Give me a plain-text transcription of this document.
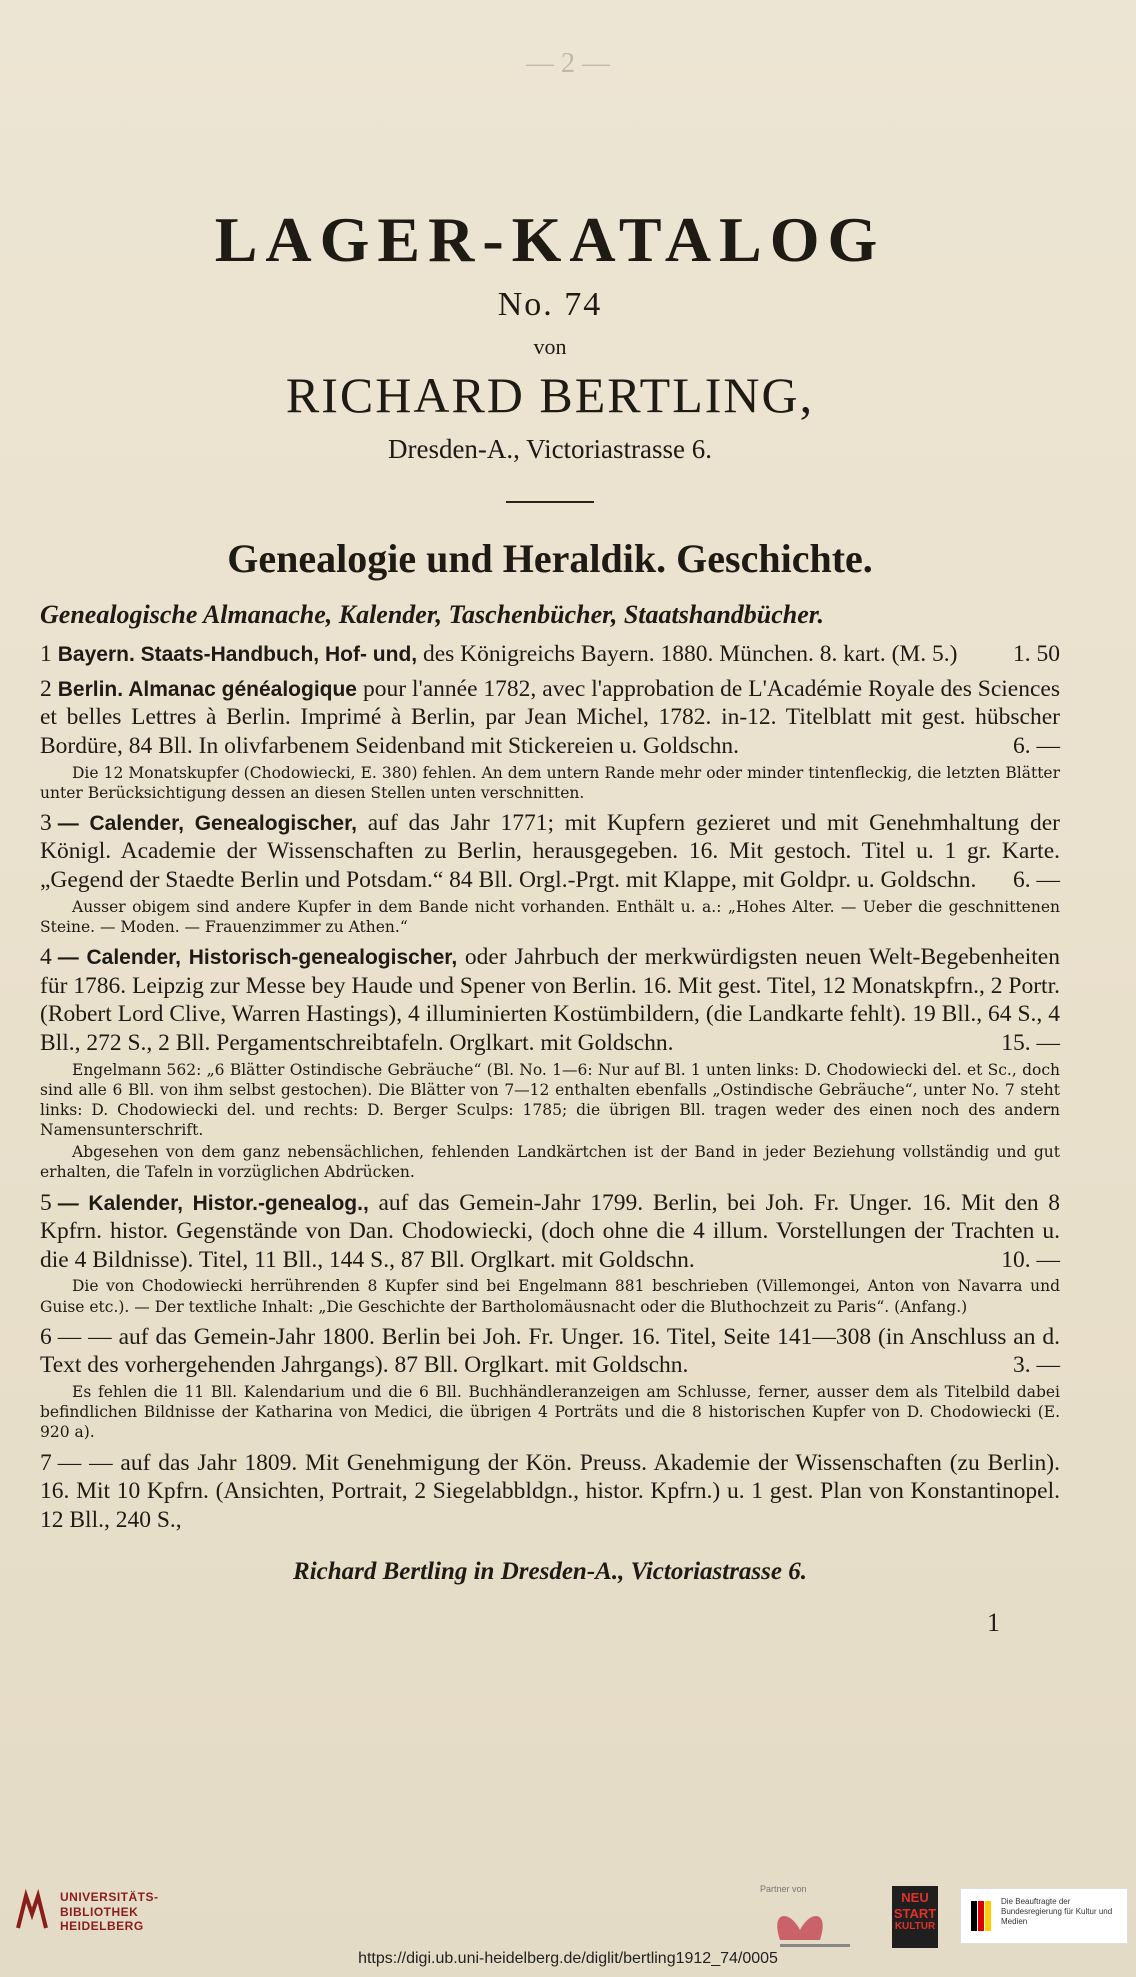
— 2 —

LAGER-KATALOG
No. 74
von
RICHARD BERTLING,
Dresden-A., Victoriastrasse 6.
Genealogie und Heraldik. Geschichte.
Genealogische Almanache, Kalender, Taschenbücher, Staatshandbücher.
1 Bayern. Staats-Handbuch, Hof- und, des Königreichs Bayern. 1880. München. 8. kart. (M. 5.) 1. 50
2 Berlin. Almanac généalogique pour l'année 1782, avec l'approbation de L'Académie Royale des Sciences et belles Lettres à Berlin. Imprimé à Berlin, par Jean Michel, 1782. in-12. Titelblatt mit gest. hübscher Bordüre, 84 Bll. In olivfarbenem Seidenband mit Stickereien u. Goldschn.	6. —
Die 12 Monatskupfer (Chodowiecki, E. 380) fehlen. An dem untern Rande mehr oder minder tintenfleckig, die letzten Blätter unter Berücksichtigung dessen an diesen Stellen unten verschnitten.
3 — Calender, Genealogischer, auf das Jahr 1771; mit Kupfern gezieret und mit Genehmhaltung der Königl. Academie der Wissenschaften zu Berlin, herausgegeben. 16. Mit gestoch. Titel u. 1 gr. Karte. „Gegend der Staedte Berlin und Potsdam.“ 84 Bll. Orgl.-Prgt. mit Klappe, mit Goldpr. u. Goldschn. 6. —
Ausser obigem sind andere Kupfer in dem Bande nicht vorhanden. Enthält u. a.: „Hohes Alter. — Ueber die geschnittenen Steine. — Moden. — Frauenzimmer zu Athen.“
4 — Calender, Historisch-genealogischer, oder Jahrbuch der merkwürdigsten neuen Welt-Begebenheiten für 1786. Leipzig zur Messe bey Haude und Spener von Berlin. 16. Mit gest. Titel, 12 Monatskpfrn., 2 Portr. (Robert Lord Clive, Warren Hastings), 4 illuminierten Kostümbildern, (die Landkarte fehlt). 19 Bll., 64 S., 4 Bll., 272 S., 2 Bll. Pergamentschreibtafeln. Orglkart. mit Goldschn.	15. —
Engelmann 562: „6 Blätter Ostindische Gebräuche“ (Bl. No. 1—6: Nur auf Bl. 1 unten links: D. Chodowiecki del. et Sc., doch sind alle 6 Bll. von ihm selbst gestochen). Die Blätter von 7—12 enthalten ebenfalls „Ostindische Gebräuche“, unter No. 7 steht links: D. Chodowiecki del. und rechts: D. Berger Sculps: 1785; die übrigen Bll. tragen weder des einen noch des andern Namensunterschrift.
Abgesehen von dem ganz nebensächlichen, fehlenden Landkärtchen ist der Band in jeder Beziehung vollständig und gut erhalten, die Tafeln in vorzüglichen Abdrücken.
5 — Kalender, Histor.-genealog., auf das Gemein-Jahr 1799. Berlin, bei Joh. Fr. Unger. 16. Mit den 8 Kpfrn. histor. Gegenstände von Dan. Chodowiecki, (doch ohne die 4 illum. Vorstellungen der Trachten u. die 4 Bildnisse). Titel, 11 Bll., 144 S., 87 Bll. Orglkart. mit Goldschn.	10. —
Die von Chodowiecki herrührenden 8 Kupfer sind bei Engelmann 881 beschrieben (Villemongei, Anton von Navarra und Guise etc.). — Der textliche Inhalt: „Die Geschichte der Bartholomäusnacht oder die Bluthochzeit zu Paris“. (Anfang.)
6 — — auf das Gemein-Jahr 1800. Berlin bei Joh. Fr. Unger. 16. Titel, Seite 141—308 (in Anschluss an d. Text des vorhergehenden Jahrgangs). 87 Bll. Orglkart. mit Goldschn.	3. —
Es fehlen die 11 Bll. Kalendarium und die 6 Bll. Buchhändleranzeigen am Schlusse, ferner, ausser dem als Titelbild dabei befindlichen Bildnisse der Katharina von Medici, die übrigen 4 Porträts und die 8 historischen Kupfer von D. Chodowiecki (E. 920 a).
7 — — auf das Jahr 1809. Mit Genehmigung der Kön. Preuss. Akademie der Wissenschaften (zu Berlin). 16. Mit 10 Kpfrn. (Ansichten, Portrait, 2 Siegelabbldgn., histor. Kpfrn.) u. 1 gest. Plan von Konstantinopel. 12 Bll., 240 S.,
Richard Bertling in Dresden-A., Victoriastrasse 6.
1
UNIVERSITÄTS-
BIBLIOTHEK
HEIDELBERG
Partner von
NEU
START
KULTUR
Die Beauftragte der Bundesregierung für Kultur und Medien
https://digi.ub.uni-heidelberg.de/diglit/bertling1912_74/0005
